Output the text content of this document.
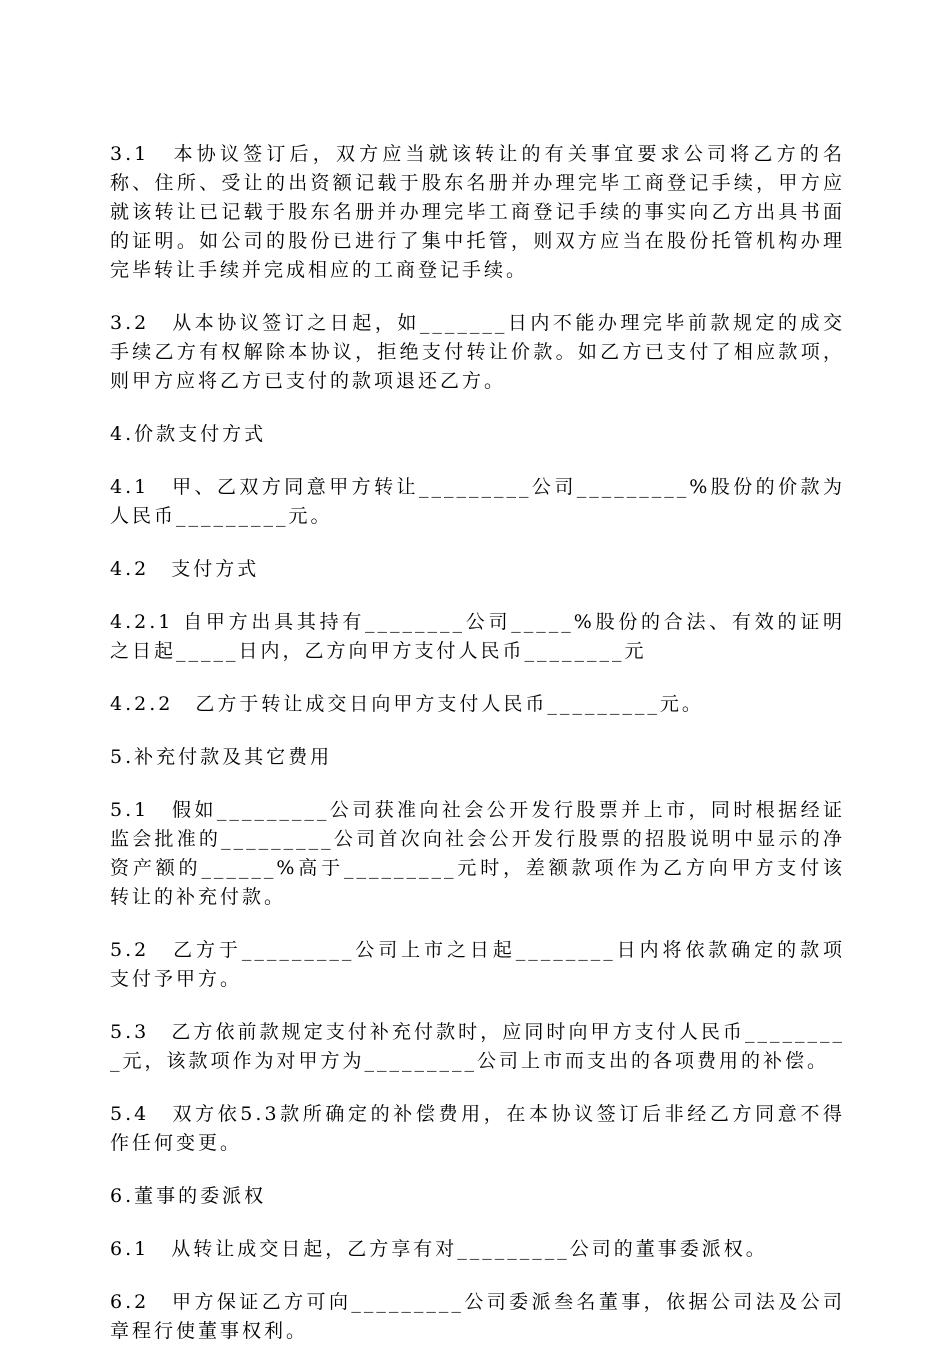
3.1　本协议签订后，双方应当就该转让的有关事宜要求公司将乙方的名称、住所、受让的出资额记载于股东名册并办理完毕工商登记手续，甲方应就该转让已记载于股东名册并办理完毕工商登记手续的事实向乙方出具书面的证明。如公司的股份已进行了集中托管，则双方应当在股份托管机构办理完毕转让手续并完成相应的工商登记手续。

3.2　从本协议签订之日起，如_______日内不能办理完毕前款规定的成交手续乙方有权解除本协议，拒绝支付转让价款。如乙方已支付了相应款项，则甲方应将乙方已支付的款项退还乙方。

4.价款支付方式

4.1　甲、乙双方同意甲方转让_________公司_________%股份的价款为人民币_________元。

4.2　支付方式

4.2.1 自甲方出具其持有________公司_____%股份的合法、有效的证明之日起_____日内，乙方向甲方支付人民币________元

4.2.2　乙方于转让成交日向甲方支付人民币_________元。

5.补充付款及其它费用

5.1　假如_________公司获准向社会公开发行股票并上市，同时根据经证监会批准的_________公司首次向社会公开发行股票的招股说明中显示的净资产额的______%高于_________元时，差额款项作为乙方向甲方支付该转让的补充付款。

5.2　乙方于_________公司上市之日起________日内将依款确定的款项支付予甲方。

5.3　乙方依前款规定支付补充付款时，应同时向甲方支付人民币_________元，该款项作为对甲方为_________公司上市而支出的各项费用的补偿。

5.4　双方依5.3款所确定的补偿费用，在本协议签订后非经乙方同意不得作任何变更。

6.董事的委派权

6.1　从转让成交日起，乙方享有对_________公司的董事委派权。

6.2　甲方保证乙方可向_________公司委派叁名董事，依据公司法及公司章程行使董事权利。
